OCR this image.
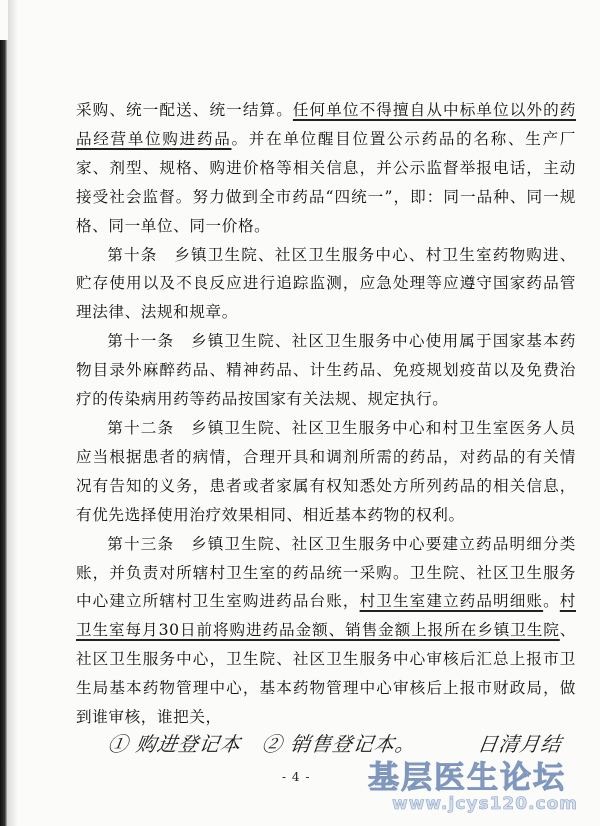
采购、统一配送、统一结算。任何单位不得擅自从中标单位以外的药品经营单位购进药品。并在单位醒目位置公示药品的名称、生产厂家、剂型、规格、购进价格等相关信息，并公示监督举报电话，主动接受社会监督。努力做到全市药品“四统一”，即：同一品种、同一规格、同一单位、同一价格。

第十条　乡镇卫生院、社区卫生服务中心、村卫生室药物购进、贮存使用以及不良反应进行追踪监测，应急处理等应遵守国家药品管理法律、法规和规章。

第十一条　乡镇卫生院、社区卫生服务中心使用属于国家基本药物目录外麻醉药品、精神药品、计生药品、免疫规划疫苗以及免费治疗的传染病用药等药品按国家有关法规、规定执行。

第十二条　乡镇卫生院、社区卫生服务中心和村卫生室医务人员应当根据患者的病情，合理开具和调剂所需的药品，对药品的有关情况有告知的义务，患者或者家属有权知悉处方所列药品的相关信息，有优先选择使用治疗效果相同、相近基本药物的权利。

第十三条　乡镇卫生院、社区卫生服务中心要建立药品明细分类账，并负责对所辖村卫生室的药品统一采购。卫生院、社区卫生服务中心建立所辖村卫生室购进药品台账，村卫生室建立药品明细账。村卫生室每月30日前将购进药品金额、销售金额上报所在乡镇卫生院、社区卫生服务中心，卫生院、社区卫生服务中心审核后汇总上报市卫生局基本药物管理中心，基本药物管理中心审核后上报市财政局，做到谁审核，谁把关，

① 购进登记本 ② 销售登记本。	日清月结
- 4 - 基层医生论坛
www.jcys120.com
